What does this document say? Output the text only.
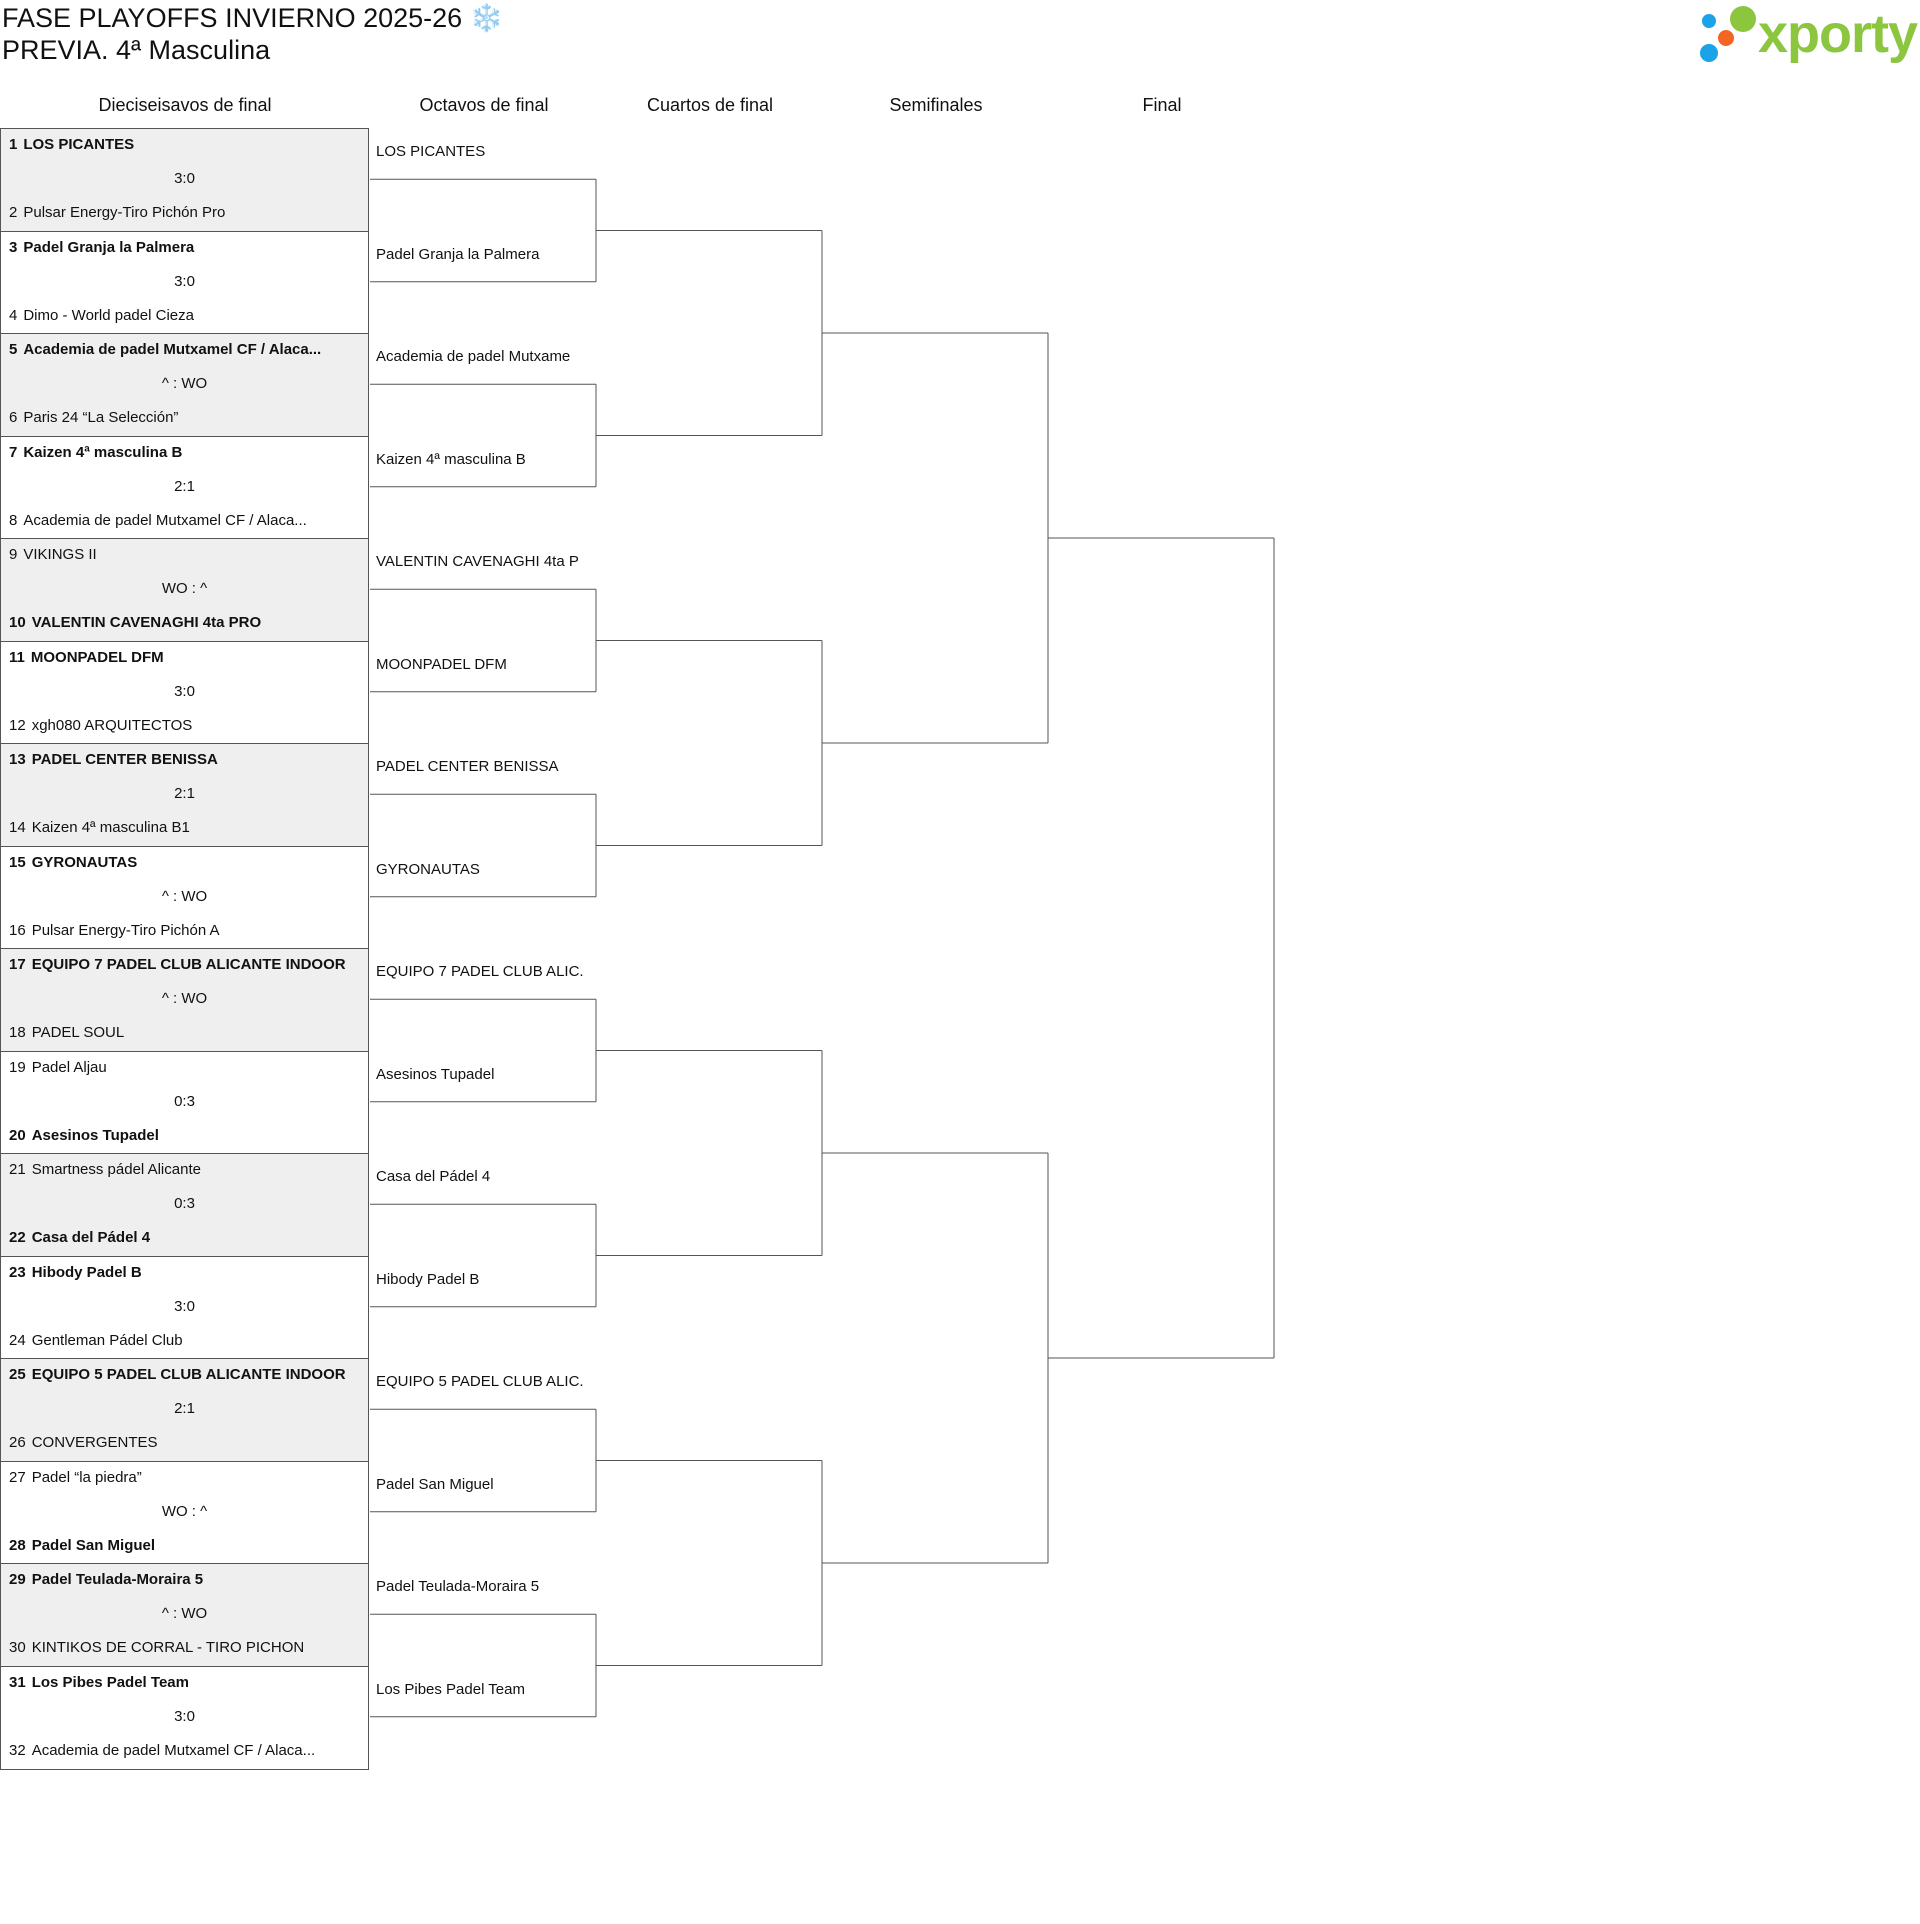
FASE PLAYOFFS INVIERNO 2025-26 ❄️
PREVIA. 4ª Masculina	xporty
Dieciseisavos de final	Octavos de final	Cuartos de final	Semifinales	Final
1 LOS PICANTES
2 Pulsar Energy-Tiro Pichón Pro
3:0
3 Padel Granja la Palmera
4 Dimo - World padel Cieza
3:0
5 Academia de padel Mutxamel CF / Alaca...
6 Paris 24 “La Selección”
^ : WO
7 Kaizen 4ª masculina B
8 Academia de padel Mutxamel CF / Alaca...
2:1
9 VIKINGS II
10 VALENTIN CAVENAGHI 4ta PRO
WO : ^
11 MOONPADEL DFM
12 xgh080 ARQUITECTOS
3:0
13 PADEL CENTER BENISSA
14 Kaizen 4ª masculina B1
2:1
15 GYRONAUTAS
16 Pulsar Energy-Tiro Pichón A
^ : WO
17 EQUIPO 7 PADEL CLUB ALICANTE INDOOR
18 PADEL SOUL
^ : WO
19 Padel Aljau
20 Asesinos Tupadel
0:3
21 Smartness pádel Alicante
22 Casa del Pádel 4
0:3
23 Hibody Padel B
24 Gentleman Pádel Club
3:0
25 EQUIPO 5 PADEL CLUB ALICANTE INDOOR
26 CONVERGENTES
2:1
27 Padel “la piedra”
28 Padel San Miguel
WO : ^
29 Padel Teulada-Moraira 5
30 KINTIKOS DE CORRAL - TIRO PICHON
^ : WO
31 Los Pibes Padel Team
32 Academia de padel Mutxamel CF / Alaca...
3:0
LOS PICANTES
Padel Granja la Palmera
Academia de padel Mutxame
Kaizen 4ª masculina B
VALENTIN CAVENAGHI 4ta P
MOONPADEL DFM
PADEL CENTER BENISSA
GYRONAUTAS
EQUIPO 7 PADEL CLUB ALIC.
Asesinos Tupadel
Casa del Pádel 4
Hibody Padel B
EQUIPO 5 PADEL CLUB ALIC.
Padel San Miguel
Padel Teulada-Moraira 5
Los Pibes Padel Team
